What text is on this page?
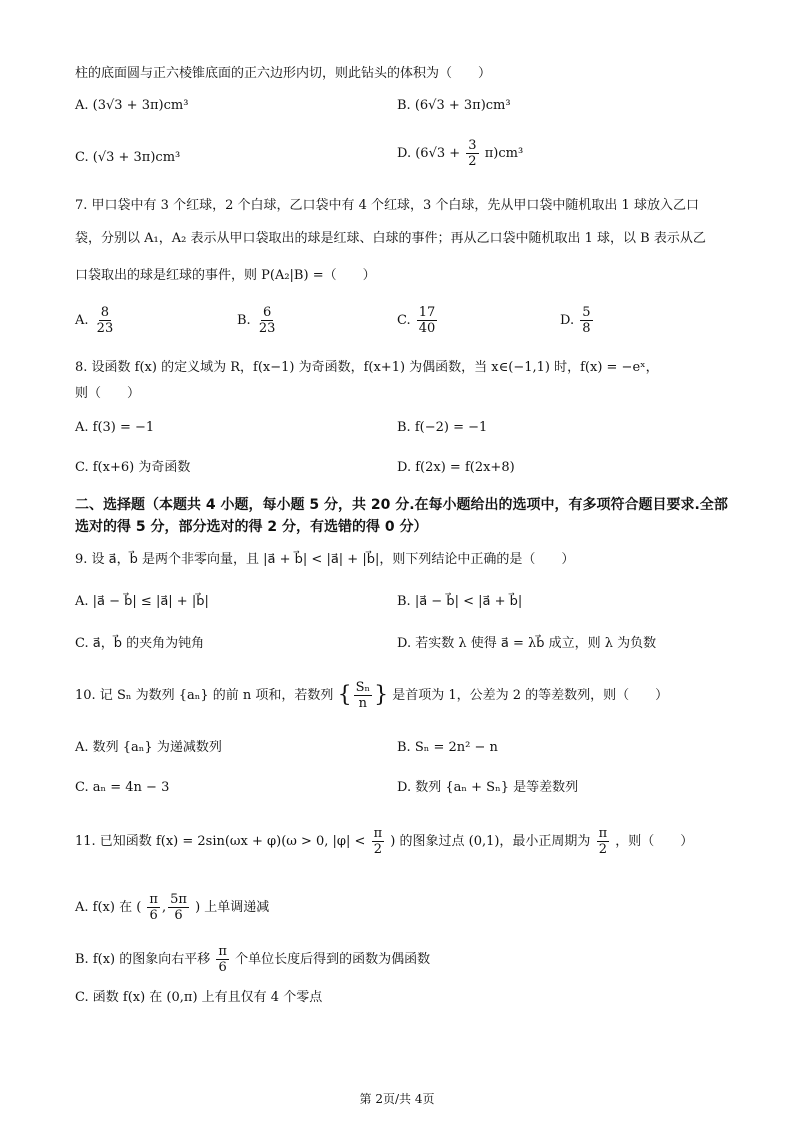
柱的底面圆与正六棱锥底面的正六边形内切，则此钻头的体积为（　　）
A. (3√3 + 3π)cm³	B. (6√3 + 3π)cm³
C. (√3 + 3π)cm³	D. $(6√3 + \frac{3}{2} \pi)cm^3$
7. 甲口袋中有 3 个红球，2 个白球，乙口袋中有 4 个红球，3 个白球，先从甲口袋中随机取出 1 球放入乙口
袋，分别以 A₁，A₂ 表示从甲口袋取出的球是红球、白球的事件；再从乙口袋中随机取出 1 球，以 B 表示从乙
口袋取出的球是红球的事件，则 P(A₂|B) =（　　）
A. $\frac{8}{23}$	B. $\frac{6}{23}$	C. $\frac{17}{40}$	D. $\frac{5}{8}$
8. 设函数 f(x) 的定义域为 R，f(x−1) 为奇函数，f(x+1) 为偶函数，当 x∈(−1,1) 时，f(x) = −eˣ，
则（　　）
A. f(3) = −1	B. f(−2) = −1
C. f(x+6) 为奇函数	D. f(2x) = f(2x+8)
二、选择题（本题共 4 小题，每小题 5 分，共 20 分.在每小题给出的选项中，有多项符合题目要求.全部选对的得 5 分，部分选对的得 2 分，有选错的得 0 分）
9. 设 a⃗，b⃗ 是两个非零向量，且 |a⃗ + b⃗| < |a⃗| + |b⃗|，则下列结论中正确的是（　　）
A. |a⃗ − b⃗| ≤ |a⃗| + |b⃗|	B. |a⃗ − b⃗| < |a⃗ + b⃗|
C. a⃗，b⃗ 的夹角为钝角	D. 若实数 λ 使得 a⃗ = λb⃗ 成立，则 λ 为负数
10. 记 Sₙ 为数列 {aₙ} 的前 n 项和，若数列 { $\frac{\text{Sₙ}}{n}$ } 是首项为 1，公差为 2 的等差数列，则（　　）
A. 数列 {aₙ} 为递减数列	B. Sₙ = 2n² − n
C. aₙ = 4n − 3	D. 数列 {aₙ + Sₙ} 是等差数列
11. 已知函数 f(x) = 2sin(ωx + φ)(ω > 0, $|\varphi| < \frac{\pi}{2}$ ) 的图象过点 (0,1)，最小正周期为 $\frac{\pi}{2}$ ，则（　　）
A. f(x) 在 ( $\frac{\pi}{6}$ , $\frac{5\pi}{6}$ ) 上单调递减
B. f(x) 的图象向右平移 $\frac{\pi}{6}$ 个单位长度后得到的函数为偶函数
C. 函数 f(x) 在 (0,π) 上有且仅有 4 个零点
第 2页/共 4页
